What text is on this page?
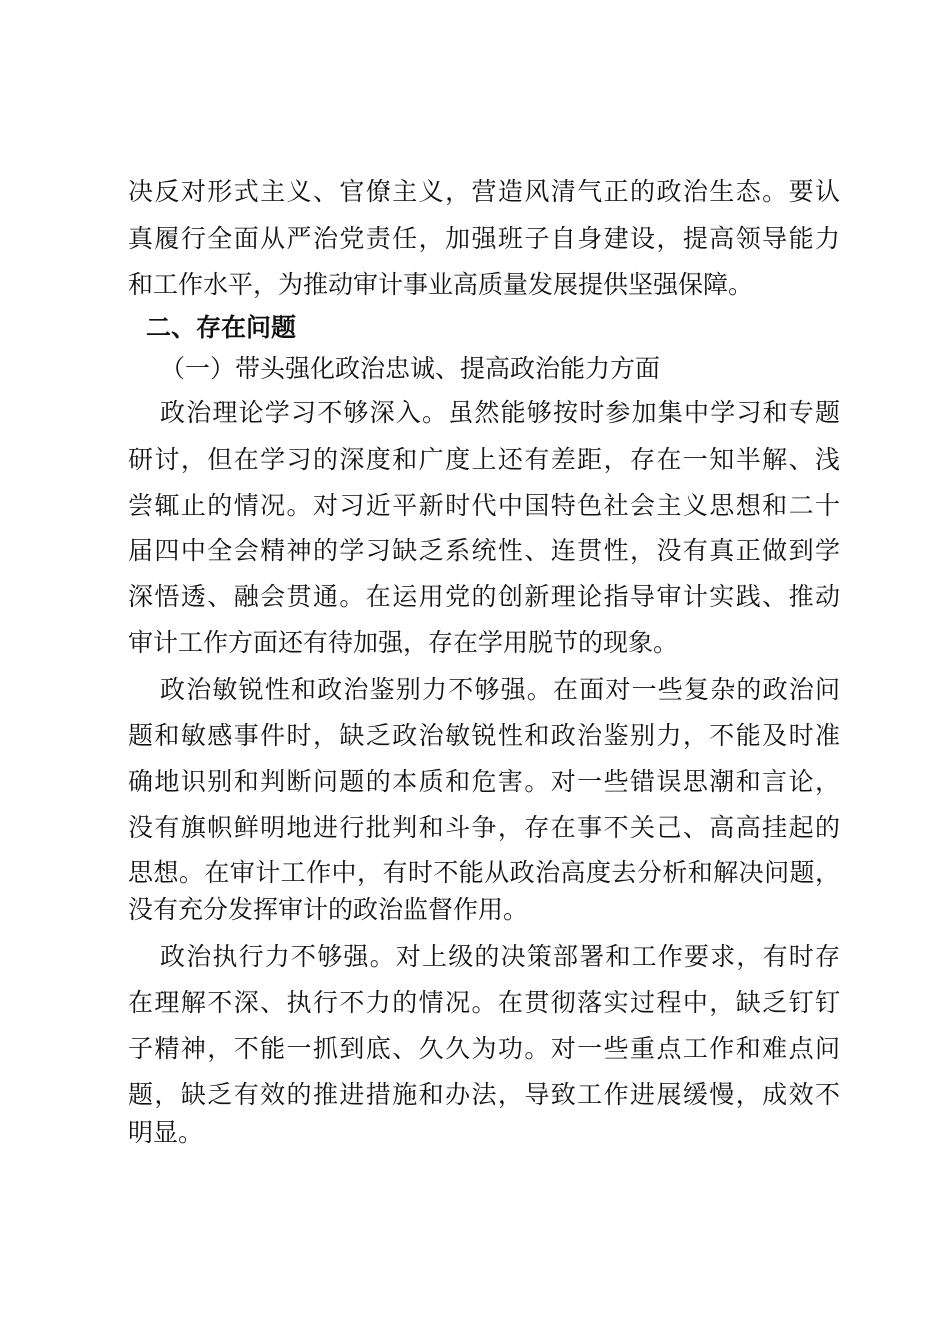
决反对形式主义、官僚主义，营造风清气正的政治生态。要认
真履行全面从严治党责任，加强班子自身建设，提高领导能力
和工作水平，为推动审计事业高质量发展提供坚强保障。
二、存在问题
（一）带头强化政治忠诚、提高政治能力方面
政治理论学习不够深入。虽然能够按时参加集中学习和专题
研讨，但在学习的深度和广度上还有差距，存在一知半解、浅
尝辄止的情况。对习近平新时代中国特色社会主义思想和二十
届四中全会精神的学习缺乏系统性、连贯性，没有真正做到学
深悟透、融会贯通。在运用党的创新理论指导审计实践、推动
审计工作方面还有待加强，存在学用脱节的现象。
政治敏锐性和政治鉴别力不够强。在面对一些复杂的政治问
题和敏感事件时，缺乏政治敏锐性和政治鉴别力，不能及时准
确地识别和判断问题的本质和危害。对一些错误思潮和言论，
没有旗帜鲜明地进行批判和斗争，存在事不关己、高高挂起的
思想。在审计工作中，有时不能从政治高度去分析和解决问题，
没有充分发挥审计的政治监督作用。
政治执行力不够强。对上级的决策部署和工作要求，有时存
在理解不深、执行不力的情况。在贯彻落实过程中，缺乏钉钉
子精神，不能一抓到底、久久为功。对一些重点工作和难点问
题，缺乏有效的推进措施和办法，导致工作进展缓慢，成效不
明显。
